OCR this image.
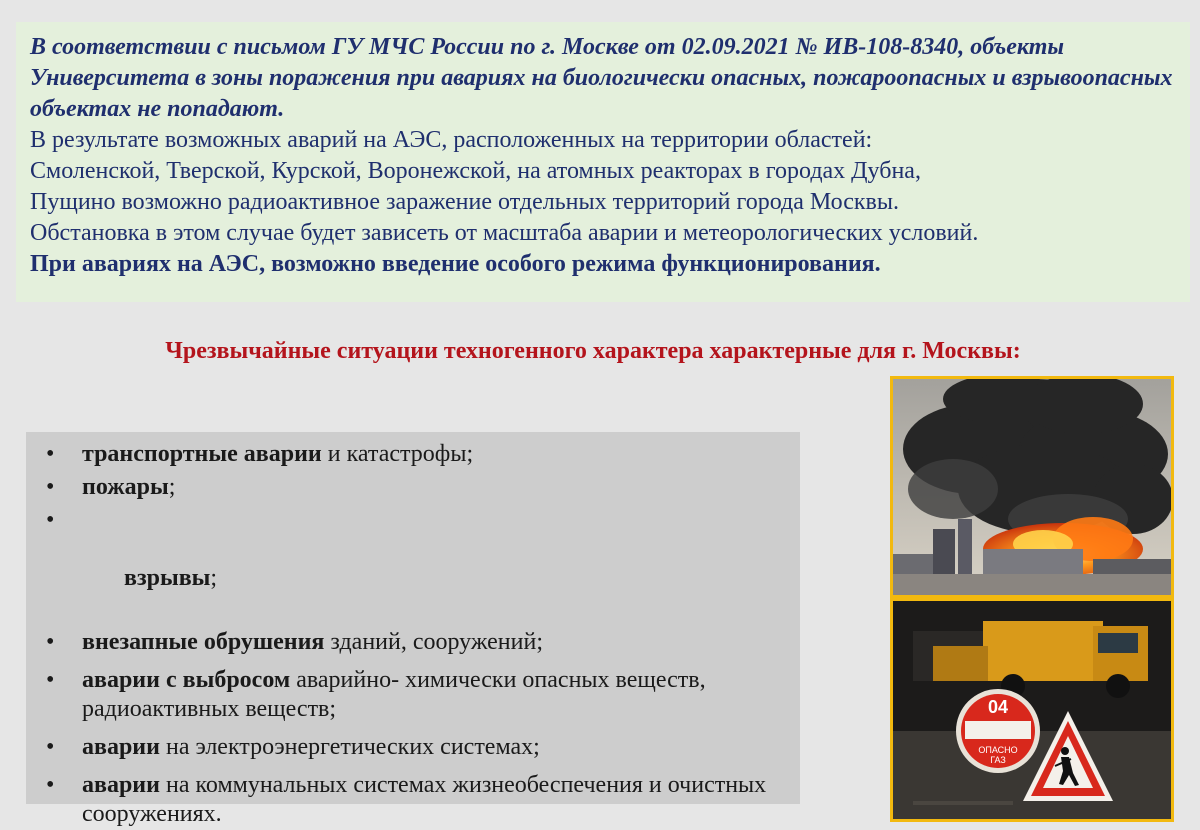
В соответствии с письмом ГУ МЧС России по г. Москве от 02.09.2021 № ИВ-108-8340, объекты Университета в зоны поражения при авариях на биологически опасных, пожароопасных и взрывоопасных объектах не попадают.

В результате возможных аварий на АЭС, расположенных на территории областей:

Смоленской, Тверской, Курской, Воронежской, на атомных реакторах в городах Дубна,

Пущино возможно радиоактивное заражение отдельных территорий города Москвы.

Обстановка в этом случае будет зависеть от масштаба аварии и метеорологических условий.

При авариях на АЭС, возможно введение особого режима функционирования.

Чрезвычайные ситуации техногенного характера характерные для г. Москвы:
• транспортные аварии и катастрофы;
• пожары;

•

взрывы;

• внезапные обрушения зданий, сооружений;
• аварии с выбросом аварийно- химически опасных веществ, радиоактивных веществ;
• аварии на электроэнергетических системах;
• аварии на коммунальных системах жизнеобеспечения и очистных сооружениях.
04
ОПАСНО
ГАЗ
